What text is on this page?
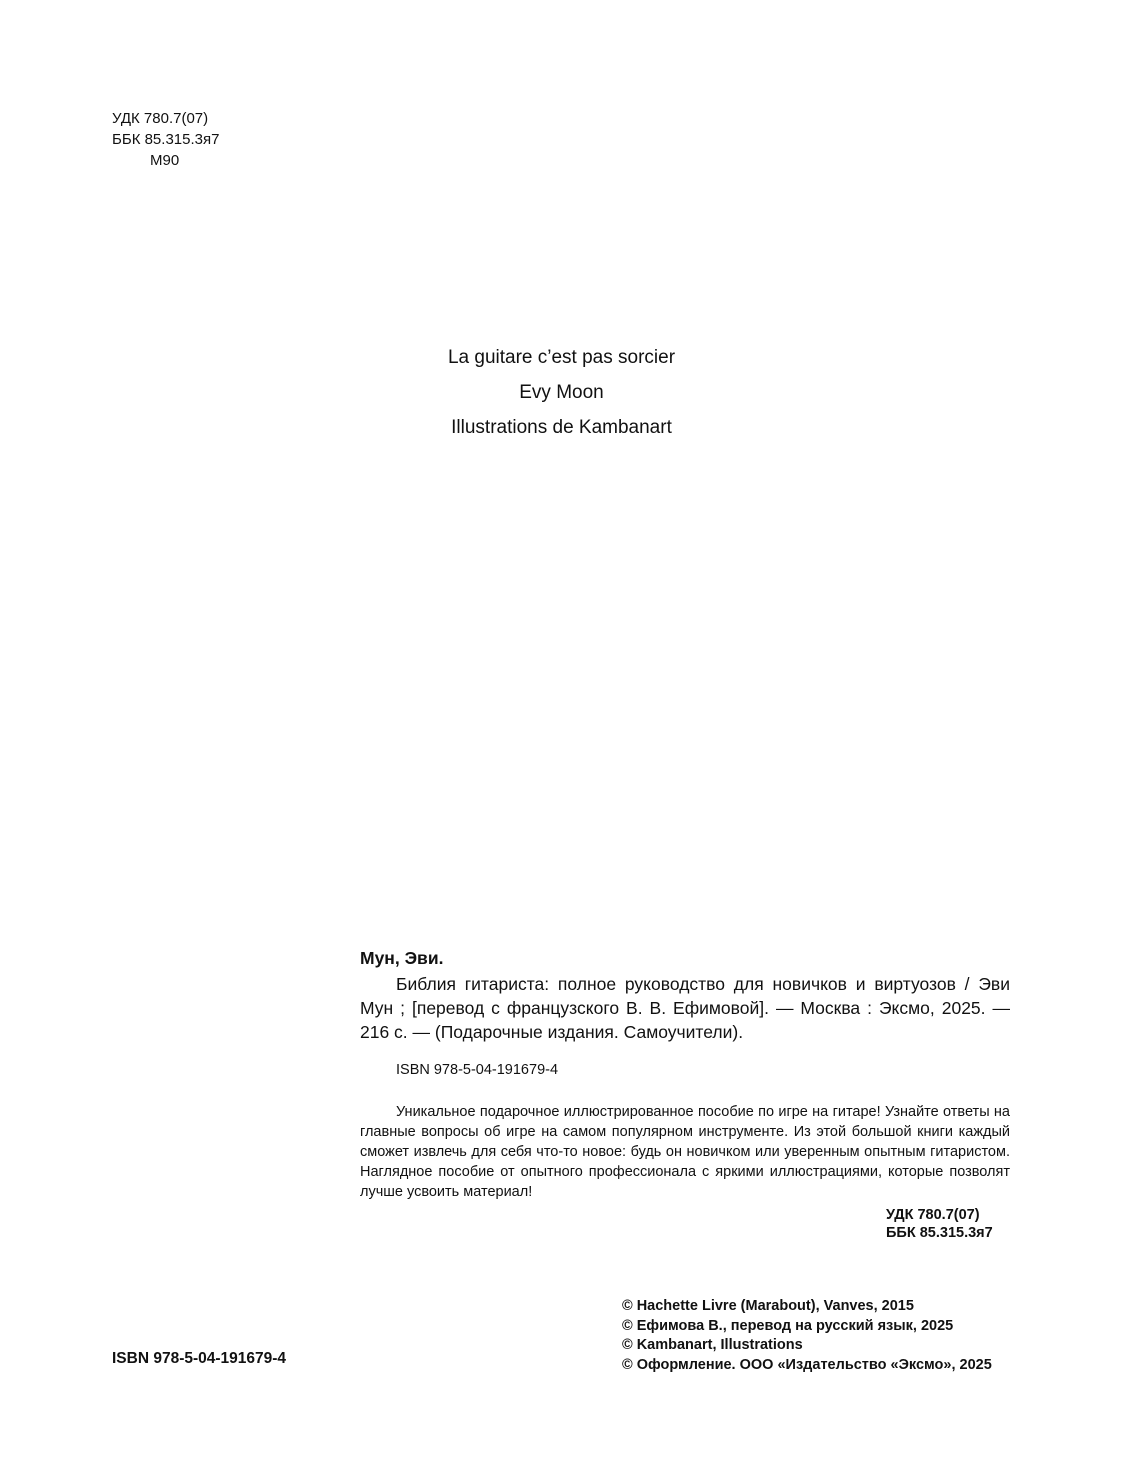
УДК 780.7(07)
ББК 85.315.3я7
М90
La guitare c’est pas sorcier
Evy Moon
Illustrations de Kambanart
Мун, Эви.
Библия гитариста: полное руководство для новичков и виртуозов / Эви Мун ; [перевод с французского В. В. Ефимовой]. — Москва : Эксмо, 2025. — 216 с. — (Подарочные издания. Самоучители).
ISBN 978-5-04-191679-4
Уникальное подарочное иллюстрированное пособие по игре на гитаре! Узнайте ответы на главные вопросы об игре на самом популярном инструменте. Из этой большой книги каждый сможет извлечь для себя что-то новое: будь он новичком или уверенным опытным гитаристом. Наглядное пособие от опытного профессионала с яркими иллюстрациями, которые позволят лучше усвоить материал!
УДК 780.7(07)
ББК 85.315.3я7
ISBN 978-5-04-191679-4
© Hachette Livre (Marabout), Vanves, 2015
© Ефимова В., перевод на русский язык, 2025
© Kambanart, Illustrations
© Оформление. ООО «Издательство «Эксмо», 2025
